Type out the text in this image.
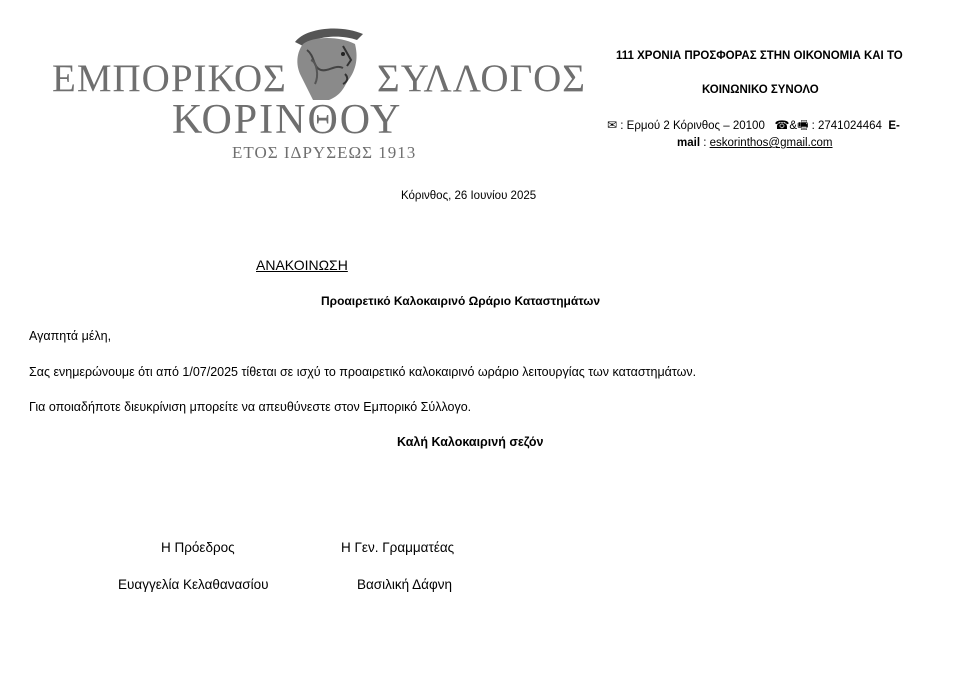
ΕΜΠΟΡΙΚΟΣ ΣΥΛΛΟΓΟΣ
ΚΟΡΙΝΘΟΥ
ΕΤΟΣ ΙΔΡΥΣΕΩΣ 1913
111 ΧΡΟΝΙΑ ΠΡΟΣΦΟΡΑΣ ΣΤΗΝ ΟΙΚΟΝΟΜΙΑ ΚΑΙ ΤΟ
ΚΟΙΝΩΝΙΚΟ ΣΥΝΟΛΟ
✉ : Ερμού 2 Κόρινθος – 20100 ☎&🖷 : 2741024464 E-
mail : eskorinthos@gmail.com
Κόρινθος, 26 Ιουνίου 2025
ΑΝΑΚΟΙΝΩΣΗ
Προαιρετικό Καλοκαιρινό Ωράριο Καταστημάτων
Αγαπητά μέλη,
Σας ενημερώνουμε ότι από 1/07/2025 τίθεται σε ισχύ το προαιρετικό καλοκαιρινό ωράριο λειτουργίας των καταστημάτων.
Για οποιαδήποτε διευκρίνιση μπορείτε να απευθύνεστε στον Εμπορικό Σύλλογο.
Καλή Καλοκαιρινή σεζόν
Η Πρόεδρος	Η Γεν. Γραμματέας
Ευαγγελία Κελαθανασίου	Βασιλική Δάφνη
